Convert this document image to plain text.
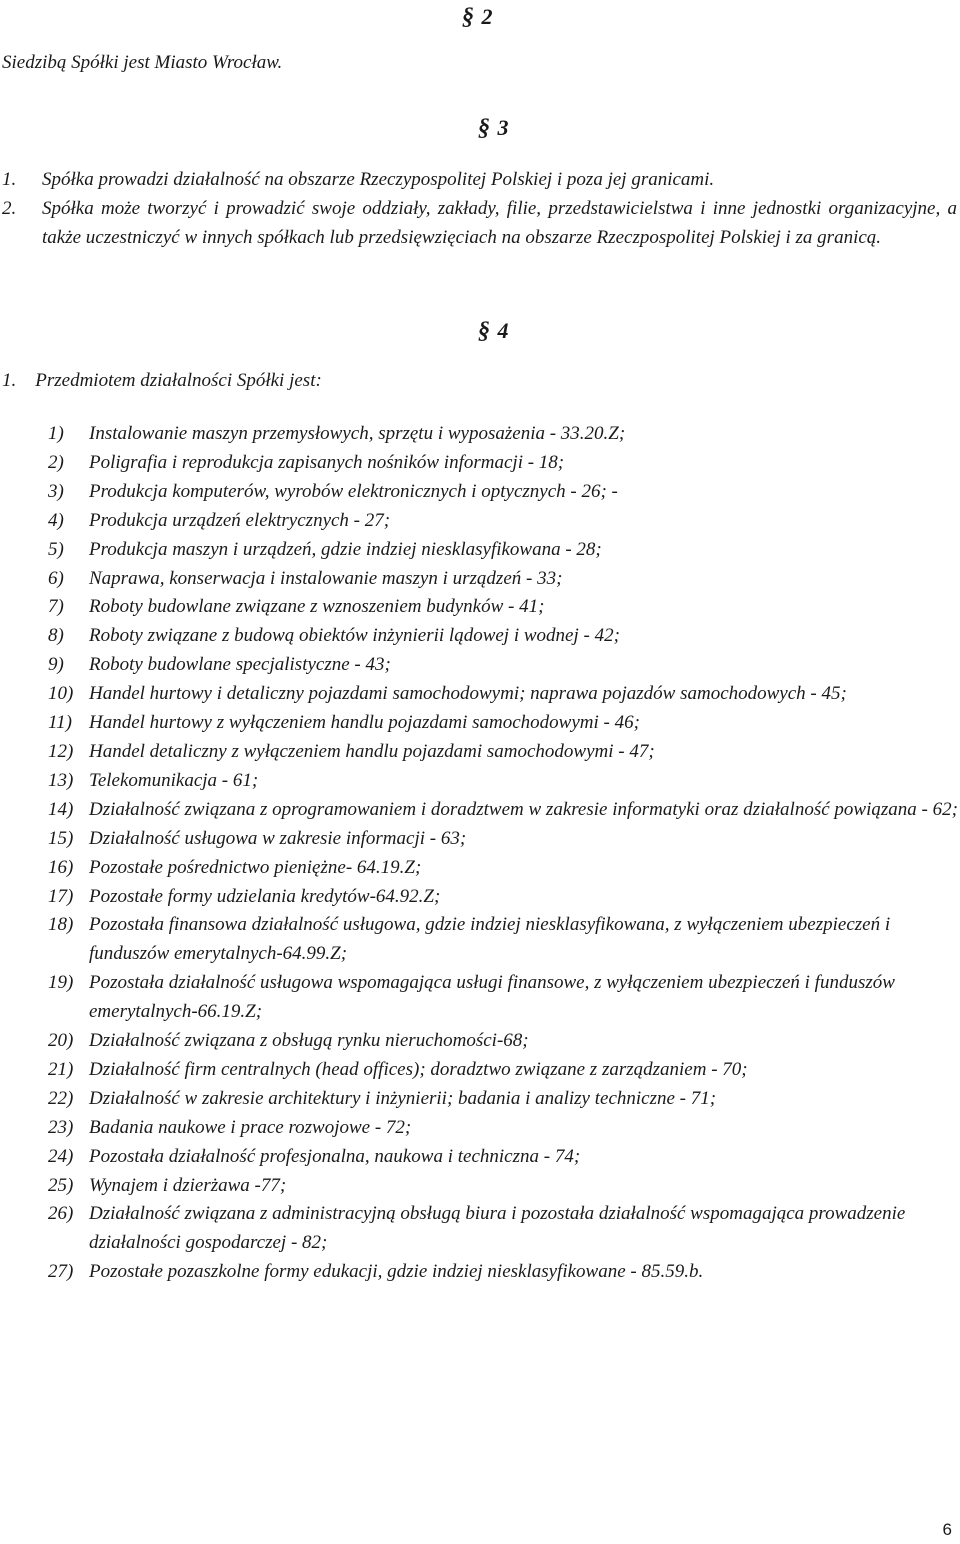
§ 2
Siedzibą Spółki jest Miasto Wrocław.
§ 3
1. Spółka prowadzi działalność na obszarze Rzeczypospolitej Polskiej i poza jej granicami.
2. Spółka może tworzyć i prowadzić swoje oddziały, zakłady, filie, przedstawicielstwa i inne jednostki organizacyjne, a także uczestniczyć w innych spółkach lub przedsięwzięciach na obszarze Rzeczpospolitej Polskiej i za granicą.
§ 4
1. Przedmiotem działalności Spółki jest:
1) Instalowanie maszyn przemysłowych, sprzętu i wyposażenia - 33.20.Z;
2) Poligrafia i reprodukcja zapisanych nośników informacji - 18;
3) Produkcja komputerów, wyrobów elektronicznych i optycznych - 26; -
4) Produkcja urządzeń elektrycznych - 27;
5) Produkcja maszyn i urządzeń, gdzie indziej niesklasyfikowana - 28;
6) Naprawa, konserwacja i instalowanie maszyn i urządzeń - 33;
7) Roboty budowlane związane z wznoszeniem budynków - 41;
8) Roboty związane z budową obiektów inżynierii lądowej i wodnej - 42;
9) Roboty budowlane specjalistyczne - 43;
10) Handel hurtowy i detaliczny pojazdami samochodowymi; naprawa pojazdów samochodowych - 45;
11) Handel hurtowy z wyłączeniem handlu pojazdami samochodowymi - 46;
12) Handel detaliczny z wyłączeniem handlu pojazdami samochodowymi - 47;
13) Telekomunikacja - 61;
14) Działalność związana z oprogramowaniem i doradztwem w zakresie informatyki oraz działalność powiązana - 62;
15) Działalność usługowa w zakresie informacji - 63;
16) Pozostałe pośrednictwo pieniężne- 64.19.Z;
17) Pozostałe formy udzielania kredytów-64.92.Z;
18) Pozostała finansowa działalność usługowa, gdzie indziej niesklasyfikowana, z wyłączeniem ubezpieczeń i funduszów emerytalnych-64.99.Z;
19) Pozostała działalność usługowa wspomagająca usługi finansowe, z wyłączeniem ubezpieczeń i funduszów emerytalnych-66.19.Z;
20) Działalność związana z obsługą rynku nieruchomości-68;
21) Działalność firm centralnych (head offices); doradztwo związane z zarządzaniem - 70;
22) Działalność w zakresie architektury i inżynierii; badania i analizy techniczne - 71;
23) Badania naukowe i prace rozwojowe - 72;
24) Pozostała działalność profesjonalna, naukowa i techniczna - 74;
25) Wynajem i dzierżawa -77;
26) Działalność związana z administracyjną obsługą biura i pozostała działalność wspomagająca prowadzenie działalności gospodarczej - 82;
27) Pozostałe pozaszkolne formy edukacji, gdzie indziej niesklasyfikowane - 85.59.b.
6
